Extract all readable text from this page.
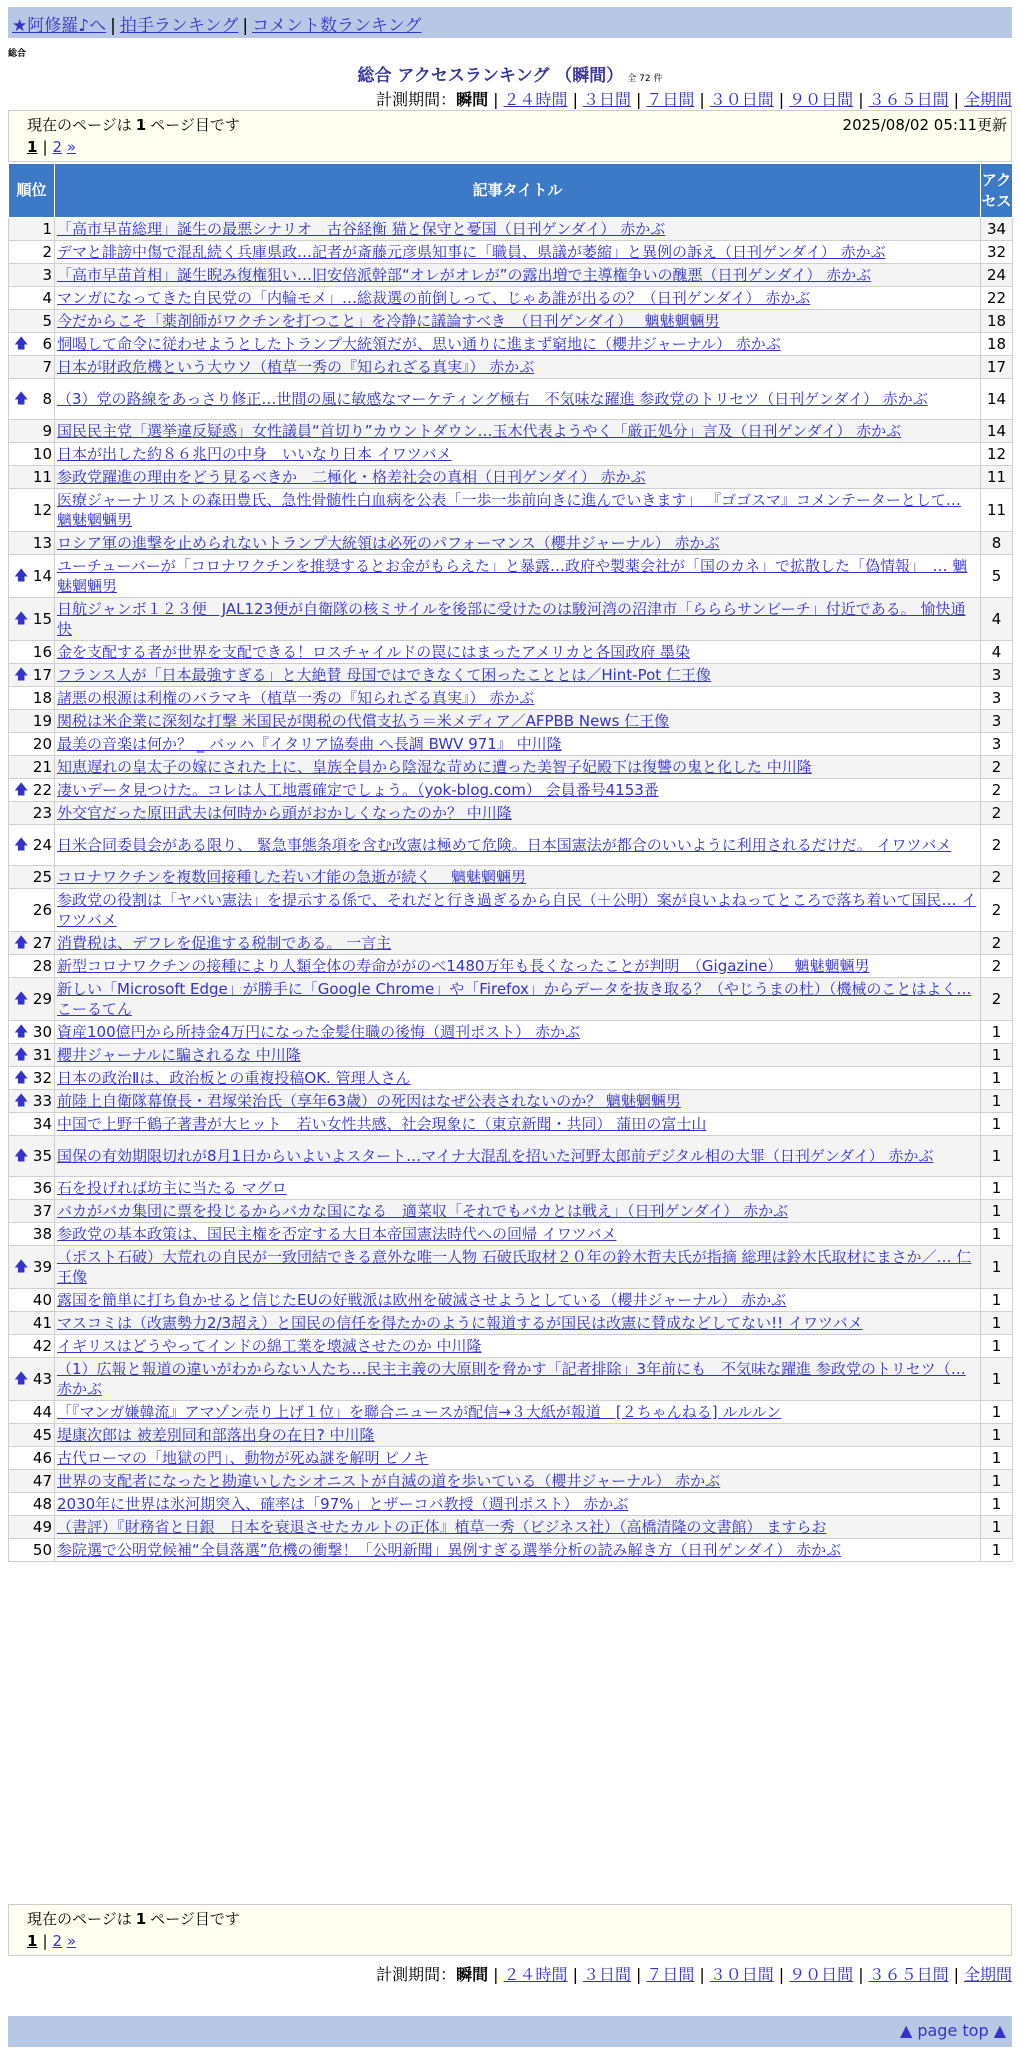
★阿修羅♪へ | 拍手ランキング | コメント数ランキング
総合
総合 アクセスランキング （瞬間） 全 72 件
計測期間：瞬間 | ２４時間 | ３日間 | ７日間 | ３０日間 | ９０日間 | ３６５日間 | 全期間
現在のページは 1 ページ目です	2025/08/02 05:11更新
1 | 2 »
順位	記事タイトル	アクセス
1	「高市早苗総理」誕生の最悪シナリオ　古谷経衡 猫と保守と憂国（日刊ゲンダイ） 赤かぶ	34
2	デマと誹謗中傷で混乱続く兵庫県政…記者が斎藤元彦県知事に「職員、県議が萎縮」と異例の訴え（日刊ゲンダイ） 赤かぶ	32
3	「高市早苗首相」誕生睨み復権狙い…旧安倍派幹部“オレがオレが”の露出増で主導権争いの醜悪（日刊ゲンダイ） 赤かぶ	24
4	マンガになってきた自民党の「内輪モメ」…総裁選の前倒しって、じゃあ誰が出るの？（日刊ゲンダイ） 赤かぶ	22
5	今だからこそ「薬剤師がワクチンを打つこと」を冷静に議論すべき　（日刊ゲンダイ）　 魑魅魍魎男	18

🡅 6	恫喝して命令に従わせようとしたトランプ大統領だが、思い通りに進まず窮地に（櫻井ジャーナル） 赤かぶ	18
7	日本が財政危機という大ウソ（植草一秀の『知られざる真実』） 赤かぶ	17

🡅 8	（3）党の路線をあっさり修正…世間の風に敏感なマーケティング極右　不気味な躍進 参政党のトリセツ（日刊ゲンダイ） 赤かぶ	14
9	国民民主党「選挙違反疑惑」女性議員“首切り”カウントダウン…玉木代表ようやく「厳正処分」言及（日刊ゲンダイ） 赤かぶ	14
10	日本が出した約８６兆円の中身　いいなり日本 イワツバメ	12
11	参政党躍進の理由をどう見るべきか　二極化・格差社会の真相（日刊ゲンダイ） 赤かぶ	11
12	医療ジャーナリストの森田豊氏、急性骨髄性白血病を公表「一歩一歩前向きに進んでいきます」 『ゴゴスマ』コメンテーターとして… 魑魅魍魎男	11
13	ロシア軍の進撃を止められないトランプ大統領は必死のパフォーマンス（櫻井ジャーナル） 赤かぶ	8

🡅 14	ユーチューバーが「コロナワクチンを推奨するとお金がもらえた」と暴露…政府や製薬会社が「国のカネ」で拡散した「偽情報」　… 魑魅魍魎男	5

🡅 15	日航ジャンボ１２３便　JAL123便が自衛隊の核ミサイルを後部に受けたのは駿河湾の沼津市「らららサンビーチ」付近である。 愉快通快	4
16	金を支配する者が世界を支配できる！ロスチャイルドの罠にはまったアメリカと各国政府 墨染	4

🡅 17	フランス人が「日本最強すぎる」と大絶賛 母国ではできなくて困ったこととは／Hint-Pot 仁王像	3
18	諸悪の根源は利権のバラマキ（植草一秀の『知られざる真実』） 赤かぶ	3
19	関税は米企業に深刻な打撃 米国民が関税の代償支払う＝米メディア／AFPBB News 仁王像	3
20	最美の音楽は何か？ _ バッハ『イタリア協奏曲 へ長調 BWV 971』 中川隆	3
21	知恵遅れの皇太子の嫁にされた上に、皇族全員から陰湿な苛めに遭った美智子妃殿下は復讐の鬼と化した 中川隆	2

🡅 22	凄いデータ見つけた。コレは人工地震確定でしょう。（yok-blog.com） 会員番号4153番	2
23	外交官だった原田武夫は何時から頭がおかしくなったのか？ 中川隆	2

🡅 24	日米合同委員会がある限り、 緊急事態条項を含む改憲は極めて危険。日本国憲法が都合のいいように利用されるだけだ。 イワツバメ	2
25	コロナワクチンを複数回接種した若い才能の急逝が続く　 魑魅魍魎男	2
26	参政党の役割は「ヤバい憲法」を提示する係で、それだと行き過ぎるから自民（＋公明）案が良いよねってところで落ち着いて国民… イワツバメ	2

🡅 27	消費税は、デフレを促進する税制である。 一言主	2
28	新型コロナワクチンの接種により人類全体の寿命ががのべ1480万年も長くなったことが判明　（Gigazine）　 魑魅魍魎男	2

🡅 29	新しい「Microsoft Edge」が勝手に「Google Chrome」や「Firefox」からデータを抜き取る？（やじうまの杜）（機械のことはよく… こーるてん	2

🡅 30	資産100億円から所持金4万円になった金髪住職の後悔（週刊ポスト） 赤かぶ	1

🡅 31	櫻井ジャーナルに騙されるな 中川隆	1

🡅 32	日本の政治Ⅱは、政治板との重複投稿OK. 管理人さん	1

🡅 33	前陸上自衛隊幕僚長・君塚栄治氏（享年63歳）の死因はなぜ公表されないのか？ 魑魅魍魎男	1
34	中国で上野千鶴子著書が大ヒット　若い女性共感、社会現象に（東京新聞・共同） 蒲田の富士山	1

🡅 35	国保の有効期限切れが8月1日からいよいよスタート…マイナ大混乱を招いた河野太郎前デジタル相の大罪（日刊ゲンダイ） 赤かぶ	1
36	石を投げれば坊主に当たる マグロ	1
37	バカがバカ集団に票を投じるからバカな国になる　適菜収「それでもバカとは戦え」（日刊ゲンダイ） 赤かぶ	1
38	参政党の基本政策は、国民主権を否定する大日本帝国憲法時代への回帰 イワツバメ	1

🡅 39	（ポスト石破）大荒れの自民が一致団結できる意外な唯一人物 石破氏取材２０年の鈴木哲夫氏が指摘 総理は鈴木氏取材にまさか／… 仁王像	1
40	露国を簡単に打ち負かせると信じたEUの好戦派は欧州を破滅させようとしている（櫻井ジャーナル） 赤かぶ	1
41	マスコミは（改憲勢力2/3超え）と国民の信任を得たかのように報道するが国民は改憲に賛成などしてない!! イワツバメ	1
42	イギリスはどうやってインドの綿工業を壊滅させたのか 中川隆	1

🡅 43	（1）広報と報道の違いがわからない人たち…民主主義の大原則を脅かす「記者排除」3年前にも　不気味な躍進 参政党のトリセツ（… 赤かぶ	1
44	「『マンガ嫌韓流』アマゾン売り上げ１位」を聯合ニュースが配信→３大紙が報道　[２ちゃんねる] ルルルン	1
45	堤康次郎は 被差別同和部落出身の在日? 中川隆	1
46	古代ローマの「地獄の門」、動物が死ぬ謎を解明 ピノキ	1
47	世界の支配者になったと勘違いしたシオニストが自滅の道を歩いている（櫻井ジャーナル） 赤かぶ	1
48	2030年に世界は氷河期突入、確率は「97%」とザーコバ教授（週刊ポスト） 赤かぶ	1
49	（書評）『財務省と日銀　日本を衰退させたカルトの正体』植草一秀（ビジネス社）（高橋清隆の文書館） ますらお	1
50	参院選で公明党候補“全員落選”危機の衝撃！「公明新聞」異例すぎる選挙分析の読み解き方（日刊ゲンダイ） 赤かぶ	1
現在のページは 1 ページ目です
1 | 2 »
計測期間：瞬間 | ２４時間 | ３日間 | ７日間 | ３０日間 | ９０日間 | ３６５日間 | 全期間
▲ page top ▲
